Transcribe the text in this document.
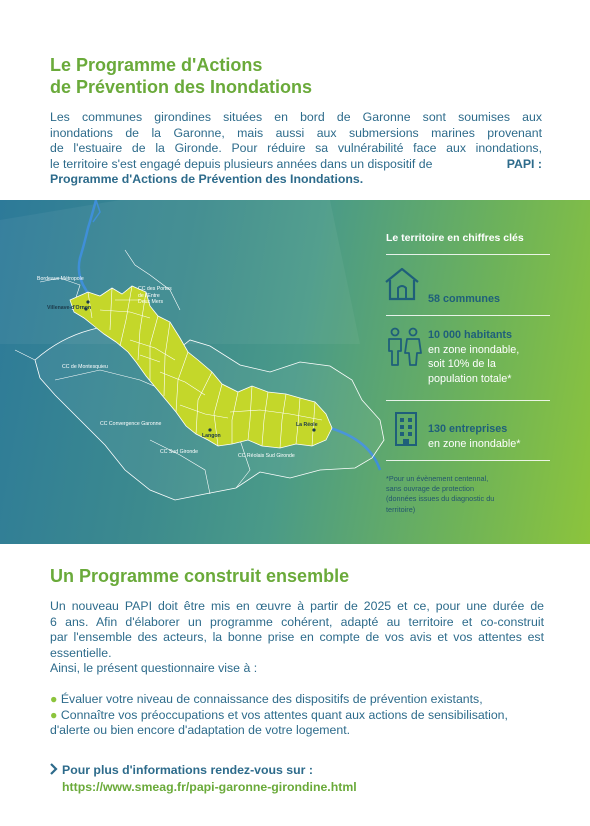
Le Programme d'Actions
de Prévention des Inondations
Les communes girondines situées en bord de Garonne sont soumises aux
inondations de la Garonne, mais aussi aux submersions marines provenant
de l'estuaire de la Gironde. Pour réduire sa vulnérabilité face aux inondations,
le territoire s'est engagé depuis plusieurs années dans un dispositif de	PAPI :
Programme d'Actions de Prévention des Inondations.
Bordeaux Métropole
Villenave-d'Ornon
CC des Portes
de l'Entre
Deux Mers
CC de Montesquieu
CC Convergence Garonne
CC Sud Gironde
Langon
CC Réolais Sud Gironde
La Réole
Le territoire en chiffres clés
58 communes
10 000 habitants
en zone inondable,
soit 10% de la
population totale*
130 entreprises
en zone inondable*
*Pour un évènement centennal,
sans ouvrage de protection
(données issues du diagnostic du
territoire)
Un Programme construit ensemble

Un nouveau PAPI doit être mis en œuvre à partir de 2025 et ce, pour une durée de

6 ans. Afin d'élaborer un programme cohérent, adapté au territoire et co-construit

par l'ensemble des acteurs, la bonne prise en compte de vos avis et vos attentes est

essentielle.

Ainsi, le présent questionnaire vise à :

● Évaluer votre niveau de connaissance des dispositifs de prévention existants,

● Connaître vos préoccupations et vos attentes quant aux actions de sensibilisation,

d'alerte ou bien encore d'adaptation de votre logement.

Pour plus d'informations rendez-vous sur :
https://www.smeag.fr/papi-garonne-girondine.html
